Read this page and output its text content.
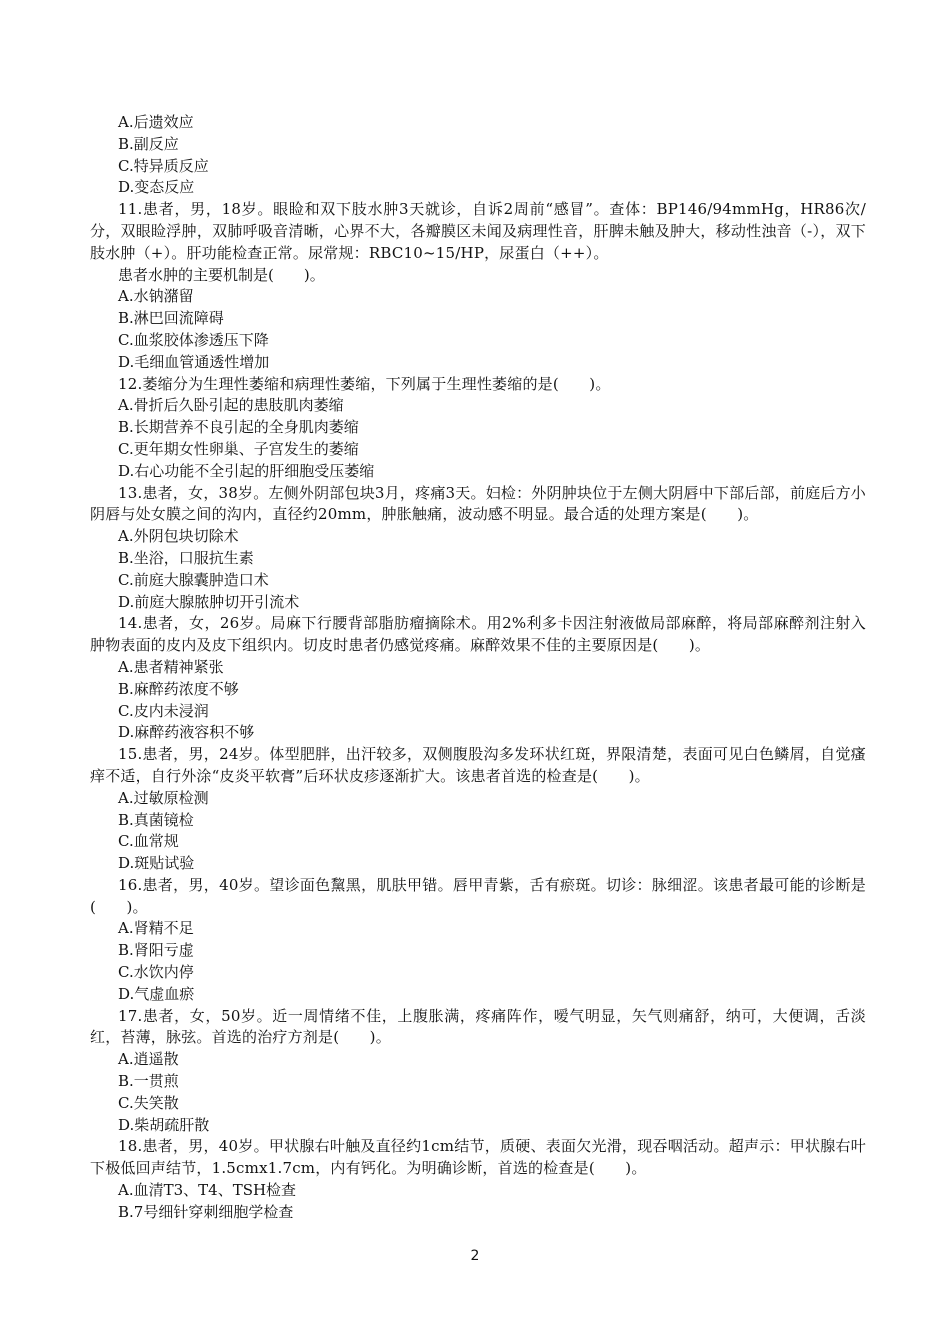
A.后遗效应
B.副反应
C.特异质反应
D.变态反应
11.患者，男，18岁。眼睑和双下肢水肿3天就诊，自诉2周前“感冒”。查体：BP146/94mmHg，HR86次/分，双眼睑浮肿，双肺呼吸音清晰，心界不大，各瓣膜区未闻及病理性音，肝脾未触及肿大，移动性浊音（-），双下肢水肿（+）。肝功能检查正常。尿常规：RBC10~15/HP，尿蛋白（++）。
患者水肿的主要机制是(　　)。
A.水钠潴留
B.淋巴回流障碍
C.血浆胶体渗透压下降
D.毛细血管通透性增加
12.萎缩分为生理性萎缩和病理性萎缩，下列属于生理性萎缩的是(　　)。
A.骨折后久卧引起的患肢肌肉萎缩
B.长期营养不良引起的全身肌肉萎缩
C.更年期女性卵巢、子宫发生的萎缩
D.右心功能不全引起的肝细胞受压萎缩
13.患者，女，38岁。左侧外阴部包块3月，疼痛3天。妇检：外阴肿块位于左侧大阴唇中下部后部，前庭后方小阴唇与处女膜之间的沟内，直径约20mm，肿胀触痛，波动感不明显。最合适的处理方案是(　　)。
A.外阴包块切除术
B.坐浴，口服抗生素
C.前庭大腺囊肿造口术
D.前庭大腺脓肿切开引流术
14.患者，女，26岁。局麻下行腰背部脂肪瘤摘除术。用2%利多卡因注射液做局部麻醉，将局部麻醉剂注射入肿物表面的皮内及皮下组织内。切皮时患者仍感觉疼痛。麻醉效果不佳的主要原因是(　　)。
A.患者精神紧张
B.麻醉药浓度不够
C.皮内未浸润
D.麻醉药液容积不够
15.患者，男，24岁。体型肥胖，出汗较多，双侧腹股沟多发环状红斑，界限清楚，表面可见白色鳞屑，自觉瘙痒不适，自行外涂“皮炎平软膏”后环状皮疹逐渐扩大。该患者首选的检查是(　　)。
A.过敏原检测
B.真菌镜检
C.血常规
D.斑贴试验
16.患者，男，40岁。望诊面色黧黑，肌肤甲错。唇甲青紫，舌有瘀斑。切诊：脉细涩。该患者最可能的诊断是(　　)。
A.肾精不足
B.肾阳亏虚
C.水饮内停
D.气虚血瘀
17.患者，女，50岁。近一周情绪不佳，上腹胀满，疼痛阵作，嗳气明显，矢气则痛舒，纳可，大便调，舌淡红，苔薄，脉弦。首选的治疗方剂是(　　)。
A.逍遥散
B.一贯煎
C.失笑散
D.柴胡疏肝散
18.患者，男，40岁。甲状腺右叶触及直径约1cm结节，质硬、表面欠光滑，现吞咽活动。超声示：甲状腺右叶下极低回声结节，1.5cmx1.7cm，内有钙化。为明确诊断，首选的检查是(　　)。
A.血清T3、T4、TSH检查
B.7号细针穿刺细胞学检查
2
